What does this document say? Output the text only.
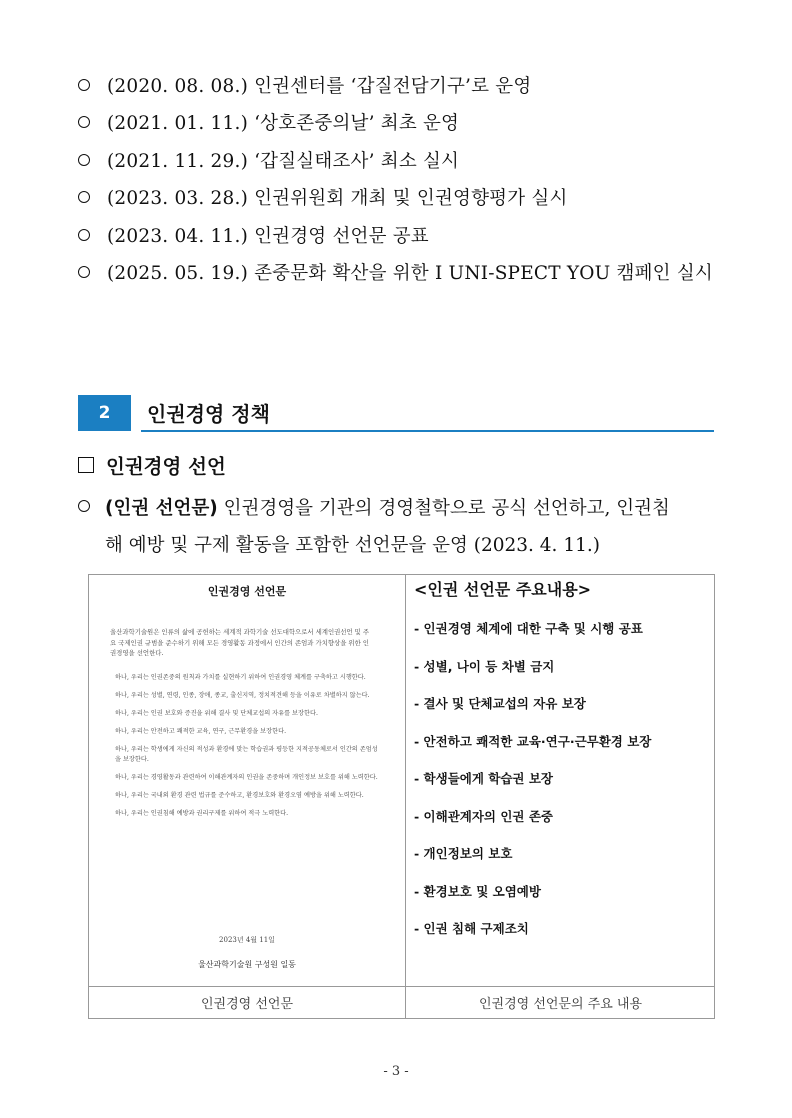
(2020. 08. 08.) 인권센터를 ‘갑질전담기구’로 운영
(2021. 01. 11.) ‘상호존중의날’ 최초 운영
(2021. 11. 29.) ‘갑질실태조사’ 최소 실시
(2023. 03. 28.) 인권위원회 개최 및 인권영향평가 실시
(2023. 04. 11.) 인권경영 선언문 공표
(2025. 05. 19.) 존중문화 확산을 위한 I UNI-SPECT YOU 캠페인 실시
2	인권경영 정책
인권경영 선언
(인권 선언문) 인권경영을 기관의 경영철학으로 공식 선언하고, 인권침
해 예방 및 구제 활동을 포함한 선언문을 운영 (2023. 4. 11.)
인권경영 선언문
울산과학기술원은 인류의 삶에 공헌하는 세계적 과학기술 선도대학으로서 세계인권선언 및 주요 국제인권 규범을 준수하기 위해 모든 경영활동 과정에서 인간의 존엄과 가치향상을 위한 인권경영을 선언한다.
하나, 우리는 인권존중의 원칙과 가치를 실현하기 위하여 인권경영 체계를 구축하고 시행한다.
하나, 우리는 성별, 연령, 인종, 장애, 종교, 출신지역, 정치적견해 등을 이유로 차별하지 않는다.
하나, 우리는 인권 보호와 증진을 위해 결사 및 단체교섭의 자유를 보장한다.
하나, 우리는 안전하고 쾌적한 교육, 연구, 근무환경을 보장한다.
하나, 우리는 학생에게 자신의 적성과 환경에 맞는 학습권과 평등한 지적공동체로서 인간의 존엄성을 보장한다.
하나, 우리는 경영활동과 관련하여 이해관계자의 인권을 존중하며 개인정보 보호를 위해 노력한다.
하나, 우리는 국내외 환경 관련 법규를 준수하고, 환경보호와 환경오염 예방을 위해 노력한다.
하나, 우리는 인권침해 예방과 권리구제를 위하여 적극 노력한다.
2023년 4월 11일
울산과학기술원 구성원 일동
<인권 선언문 주요내용>
- 인권경영 체계에 대한 구축 및 시행 공표
- 성별, 나이 등 차별 금지
- 결사 및 단체교섭의 자유 보장
- 안전하고 쾌적한 교육·연구·근무환경 보장
- 학생들에게 학습권 보장
- 이해관계자의 인권 존중
- 개인정보의 보호
- 환경보호 및 오염예방
- 인권 침해 구제조치
인권경영 선언문	인권경영 선언문의 주요 내용
- 3 -
